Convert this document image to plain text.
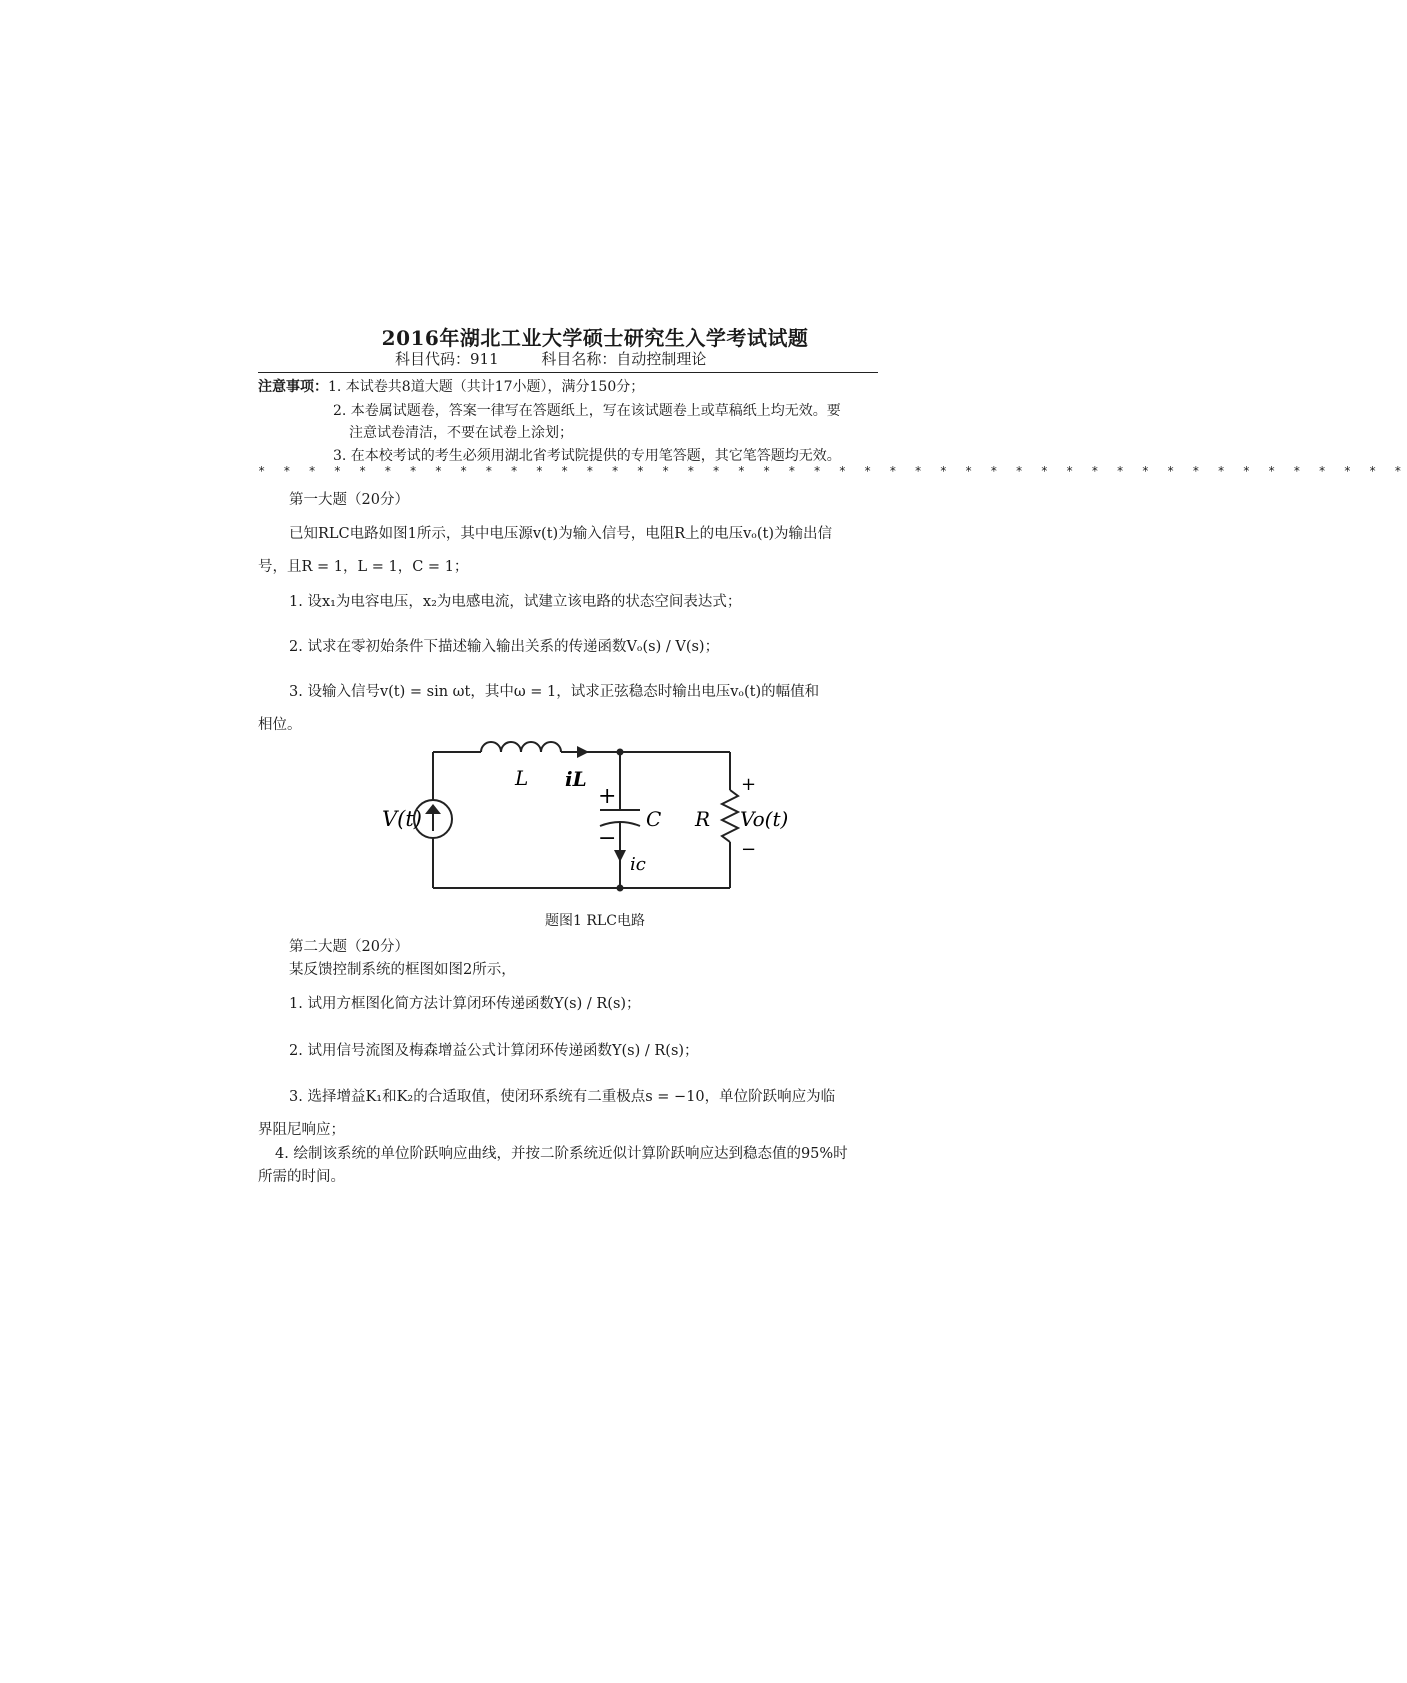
2016年湖北工业大学硕士研究生入学考试试题
科目代码：911	科目名称：自动控制理论
注意事项：1. 本试卷共8道大题（共计17小题），满分150分；
2. 本卷属试题卷，答案一律写在答题纸上，写在该试题卷上或草稿纸上均无效。要
注意试卷清洁，不要在试卷上涂划；
3. 在本校考试的考生必须用湖北省考试院提供的专用笔答题，其它笔答题均无效。
* * * * * * * * * * * * * * * * * * * * * * * * * * * * * * * * * * * * * * * * * * * * * *
第一大题（20分）
已知RLC电路如图1所示，其中电压源v(t)为输入信号，电阻R上的电压vₒ(t)为输出信
号，且R = 1，L = 1，C = 1；
1. 设x₁为电容电压，x₂为电感电流，试建立该电路的状态空间表达式；
2. 试求在零初始条件下描述输入输出关系的传递函数Vₒ(s) / V(s)；
3. 设输入信号v(t) = sin ωt，其中ω = 1，试求正弦稳态时输出电压vₒ(t)的幅值和
相位。
V(t)
L iL
+
−
C
ic
R Vo(t)
+
−
题图1 RLC电路
第二大题（20分）
某反馈控制系统的框图如图2所示，
1. 试用方框图化简方法计算闭环传递函数Y(s) / R(s)；
2. 试用信号流图及梅森增益公式计算闭环传递函数Y(s) / R(s)；
3. 选择增益K₁和K₂的合适取值，使闭环系统有二重极点s = −10，单位阶跃响应为临
界阻尼响应；
4. 绘制该系统的单位阶跃响应曲线，并按二阶系统近似计算阶跃响应达到稳态值的95%时
所需的时间。
